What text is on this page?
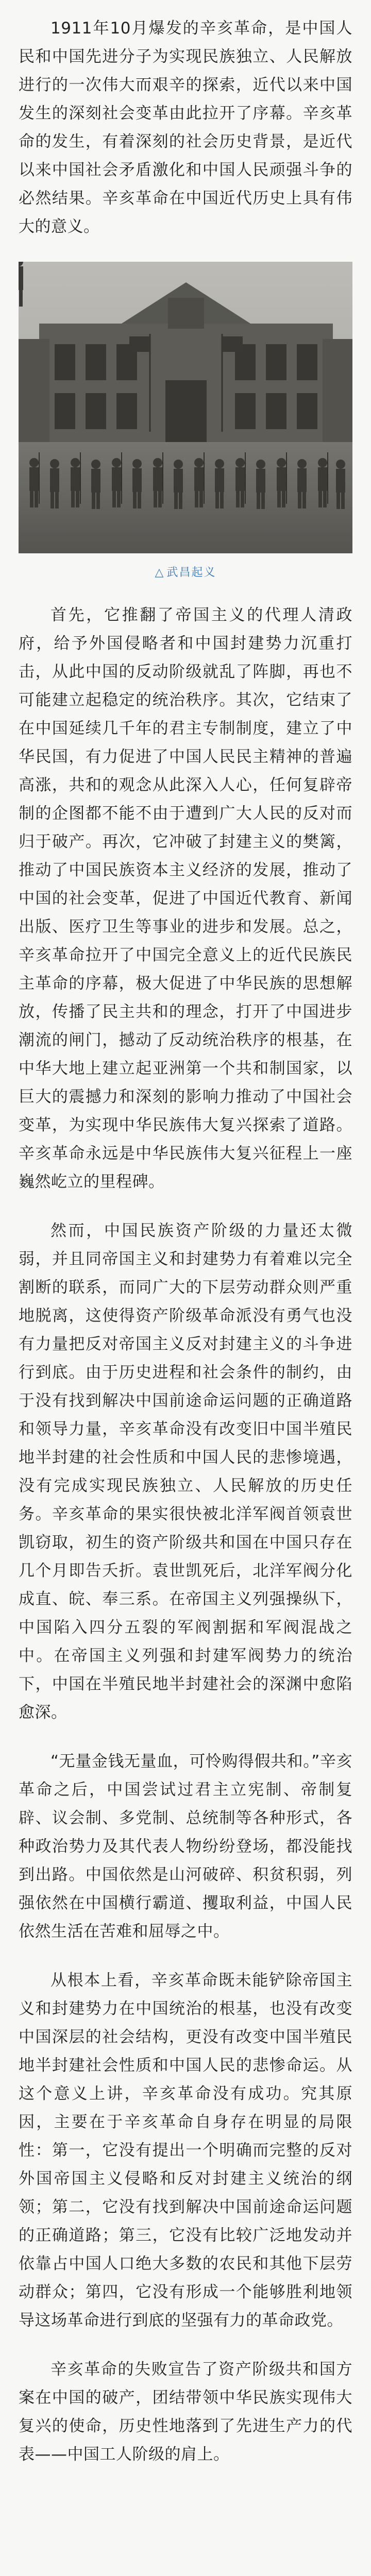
1911年10月爆发的辛亥革命，是中国人民和中国先进分子为实现民族独立、人民解放进行的一次伟大而艰辛的探索，近代以来中国发生的深刻社会变革由此拉开了序幕。辛亥革命的发生，有着深刻的社会历史背景，是近代以来中国社会矛盾激化和中国人民顽强斗争的必然结果。辛亥革命在中国近代历史上具有伟大的意义。

△ 武昌起义

首先，它推翻了帝国主义的代理人清政府，给予外国侵略者和中国封建势力沉重打击，从此中国的反动阶级就乱了阵脚，再也不可能建立起稳定的统治秩序。其次，它结束了在中国延续几千年的君主专制制度，建立了中华民国，有力促进了中国人民民主精神的普遍高涨，共和的观念从此深入人心，任何复辟帝制的企图都不能不由于遭到广大人民的反对而归于破产。再次，它冲破了封建主义的樊篱，推动了中国民族资本主义经济的发展，推动了中国的社会变革，促进了中国近代教育、新闻出版、医疗卫生等事业的进步和发展。总之，辛亥革命拉开了中国完全意义上的近代民族民主革命的序幕，极大促进了中华民族的思想解放，传播了民主共和的理念，打开了中国进步潮流的闸门，撼动了反动统治秩序的根基，在中华大地上建立起亚洲第一个共和制国家，以巨大的震撼力和深刻的影响力推动了中国社会变革，为实现中华民族伟大复兴探索了道路。辛亥革命永远是中华民族伟大复兴征程上一座巍然屹立的里程碑。

然而，中国民族资产阶级的力量还太微弱，并且同帝国主义和封建势力有着难以完全割断的联系，而同广大的下层劳动群众则严重地脱离，这使得资产阶级革命派没有勇气也没有力量把反对帝国主义反对封建主义的斗争进行到底。由于历史进程和社会条件的制约，由于没有找到解决中国前途命运问题的正确道路和领导力量，辛亥革命没有改变旧中国半殖民地半封建的社会性质和中国人民的悲惨境遇，没有完成实现民族独立、人民解放的历史任务。辛亥革命的果实很快被北洋军阀首领袁世凯窃取，初生的资产阶级共和国在中国只存在几个月即告夭折。袁世凯死后，北洋军阀分化成直、皖、奉三系。在帝国主义列强操纵下，中国陷入四分五裂的军阀割据和军阀混战之中。在帝国主义列强和封建军阀势力的统治下，中国在半殖民地半封建社会的深渊中愈陷愈深。

“无量金钱无量血，可怜购得假共和。”辛亥革命之后，中国尝试过君主立宪制、帝制复辟、议会制、多党制、总统制等各种形式，各种政治势力及其代表人物纷纷登场，都没能找到出路。中国依然是山河破碎、积贫积弱，列强依然在中国横行霸道、攫取利益，中国人民依然生活在苦难和屈辱之中。

从根本上看，辛亥革命既未能铲除帝国主义和封建势力在中国统治的根基，也没有改变中国深层的社会结构，更没有改变中国半殖民地半封建社会性质和中国人民的悲惨命运。从这个意义上讲，辛亥革命没有成功。究其原因，主要在于辛亥革命自身存在明显的局限性：第一，它没有提出一个明确而完整的反对外国帝国主义侵略和反对封建主义统治的纲领；第二，它没有找到解决中国前途命运问题的正确道路；第三，它没有比较广泛地发动并依靠占中国人口绝大多数的农民和其他下层劳动群众；第四，它没有形成一个能够胜利地领导这场革命进行到底的坚强有力的革命政党。

辛亥革命的失败宣告了资产阶级共和国方案在中国的破产，团结带领中华民族实现伟大复兴的使命，历史性地落到了先进生产力的代表——中国工人阶级的肩上。
